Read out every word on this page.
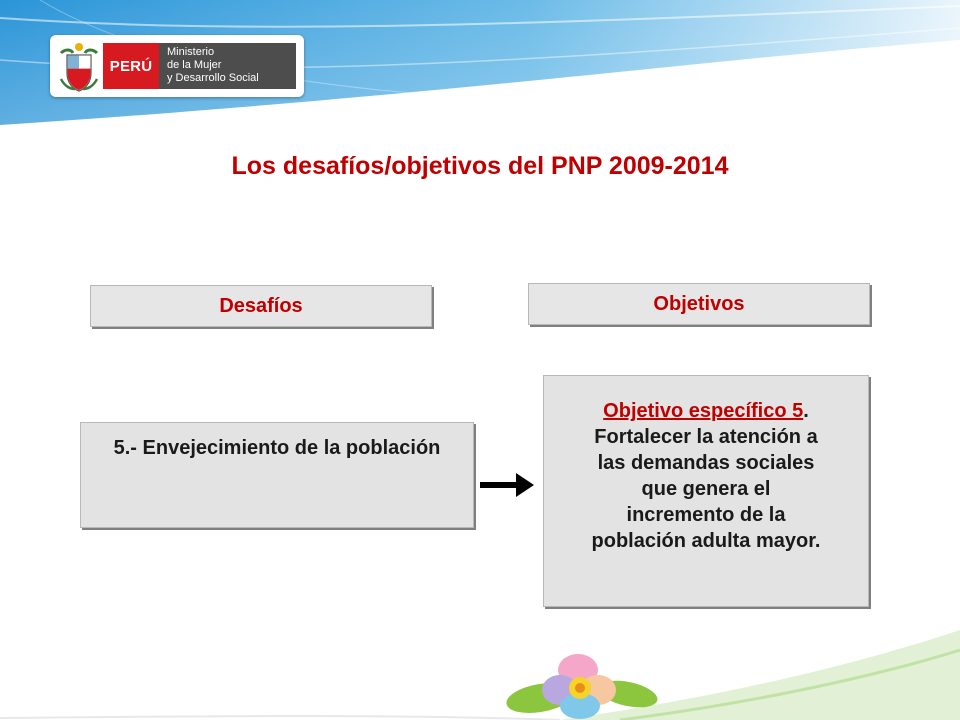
PERÚ
Ministerio
de la Mujer
y Desarrollo Social
Los desafíos/objetivos del PNP 2009-2014
Desafíos	Objetivos
5.- Envejecimiento de la población
Objetivo específico 5.
Fortalecer la atención a
las demandas sociales
que genera el
incremento de la
población adulta mayor.
